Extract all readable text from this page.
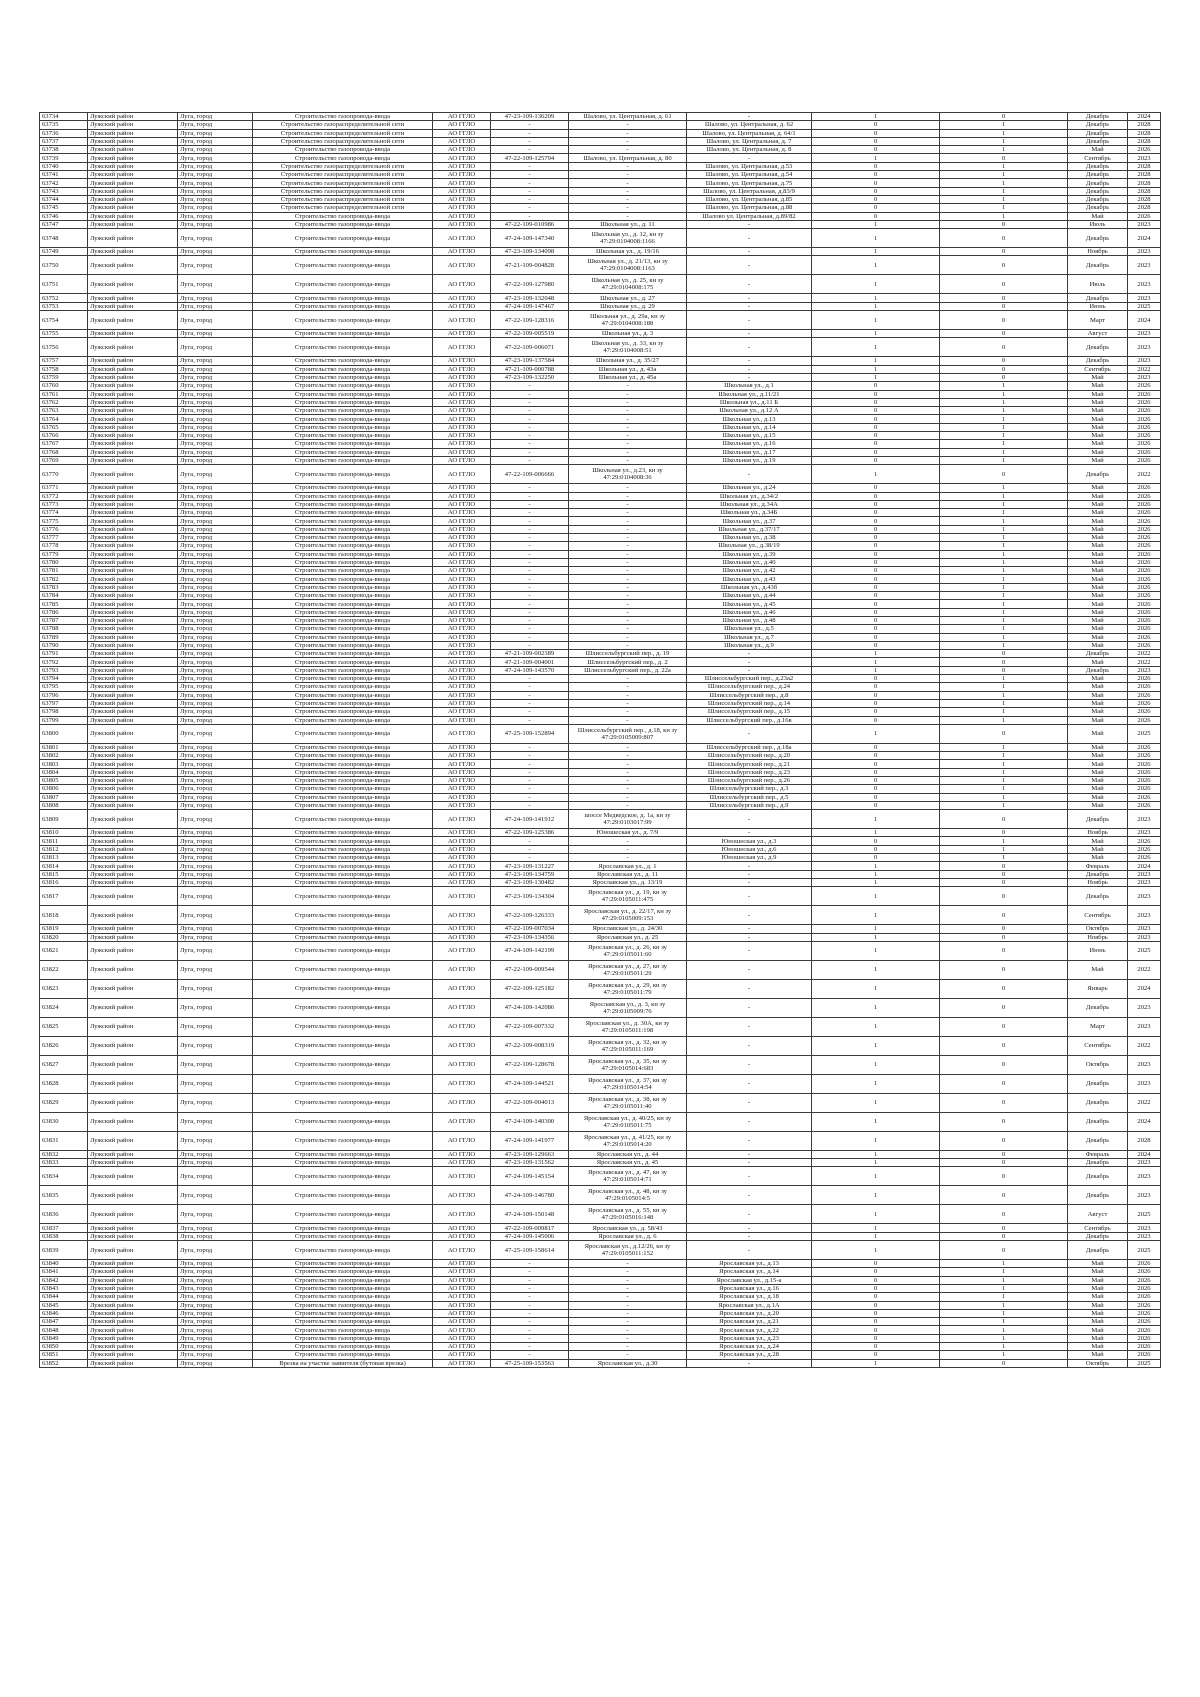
63734	Лужский район	Луга, город	Строительство газопровода-ввода	АО ГГЛО	47-23-109-136209	Шалово, ул. Центральная, д. 61	-	1	0	Декабрь	2024
63735	Лужский район	Луга, город	Строительство газораспределительной сети	АО ГГЛО	-	-	Шалово, ул. Центральная, д. 62	0	1	Декабрь	2028
63736	Лужский район	Луга, город	Строительство газораспределительной сети	АО ГГЛО	-	-	Шалово, ул. Центральная, д. 64/1	0	1	Декабрь	2028
63737	Лужский район	Луга, город	Строительство газораспределительной сети	АО ГГЛО	-	-	Шалово, ул. Центральная, д. 7	0	1	Декабрь	2028
63738	Лужский район	Луга, город	Строительство газопровода-ввода	АО ГГЛО	-	-	Шалово, ул. Центральная, д. 8	0	1	Май	2026
63739	Лужский район	Луга, город	Строительство газопровода-ввода	АО ГГЛО	47-22-109-125794	Шалово, ул. Центральная, д. 80	-	1	0	Сентябрь	2023
63740	Лужский район	Луга, город	Строительство газораспределительной сети	АО ГГЛО	-	-	Шалово, ул. Центральная, д.53	0	1	Декабрь	2028
63741	Лужский район	Луга, город	Строительство газораспределительной сети	АО ГГЛО	-	-	Шалово, ул. Центральная, д.54	0	1	Декабрь	2028
63742	Лужский район	Луга, город	Строительство газораспределительной сети	АО ГГЛО	-	-	Шалово, ул. Центральная, д.75	0	1	Декабрь	2028
63743	Лужский район	Луга, город	Строительство газораспределительной сети	АО ГГЛО	-	-	Шалово, ул. Центральная, д.83/9	0	1	Декабрь	2028
63744	Лужский район	Луга, город	Строительство газораспределительной сети	АО ГГЛО	-	-	Шалово, ул. Центральная, д.85	0	1	Декабрь	2028
63745	Лужский район	Луга, город	Строительство газораспределительной сети	АО ГГЛО	-	-	Шалово, ул. Центральная, д.88	0	1	Декабрь	2028
63746	Лужский район	Луга, город	Строительство газопровода-ввода	АО ГГЛО	-	-	Шалово ул. Центральная, д.89/82	0	1	Май	2026
63747	Лужский район	Луга, город	Строительство газопровода-ввода	АО ГГЛО	47-22-109-010986	Школьная ул., д. 11	-	1	0	Июль	2023
63748	Лужский район	Луга, город	Строительство газопровода-ввода	АО ГГЛО	47-24-109-147340	Школьная ул., д. 12, кн зу 47:29:0104008:1166	-	1	0	Декабрь	2024
63749	Лужский район	Луга, город	Строительство газопровода-ввода	АО ГГЛО	47-23-109-134098	Школьная ул., д. 19/16	-	1	0	Ноябрь	2023
63750	Лужский район	Луга, город	Строительство газопровода-ввода	АО ГГЛО	47-21-109-004828	Школьная ул., д. 21/13, кн зу 47:29:0104008:1163	-	1	0	Декабрь	2023
63751	Лужский район	Луга, город	Строительство газопровода-ввода	АО ГГЛО	47-22-109-127980	Школьная ул., д. 25, кн зу 47:29:0104008:175	-	1	0	Июль	2023
63752	Лужский район	Луга, город	Строительство газопровода-ввода	АО ГГЛО	47-23-109-132048	Школьная ул., д. 27	-	1	0	Декабрь	2023
63753	Лужский район	Луга, город	Строительство газопровода-ввода	АО ГГЛО	47-24-109-147467	Школьная ул., д. 29	-	1	0	Июнь	2025
63754	Лужский район	Луга, город	Строительство газопровода-ввода	АО ГГЛО	47-22-109-128316	Школьная ул., д. 29а, кн зу 47:29:0104008:188	-	1	0	Март	2024
63755	Лужский район	Луга, город	Строительство газопровода-ввода	АО ГГЛО	47-22-109-005519	Школьная ул., д. 3	-	1	0	Август	2023
63756	Лужский район	Луга, город	Строительство газопровода-ввода	АО ГГЛО	47-22-109-006071	Школьная ул., д. 33, кн зу 47:29:0104008:51	-	1	0	Декабрь	2023
63757	Лужский район	Луга, город	Строительство газопровода-ввода	АО ГГЛО	47-23-109-137584	Школьная ул., д. 35/27	-	1	0	Декабрь	2023
63758	Лужский район	Луга, город	Строительство газопровода-ввода	АО ГГЛО	47-21-109-000788	Школьная ул., д. 43а	-	1	0	Сентябрь	2022
63759	Лужский район	Луга, город	Строительство газопровода-ввода	АО ГГЛО	47-23-109-132250	Школьная ул., д. 45а	-	1	0	Май	2023
63760	Лужский район	Луга, город	Строительство газопровода-ввода	АО ГГЛО	-	-	Школьная ул., д.1	0	1	Май	2026
63761	Лужский район	Луга, город	Строительство газопровода-ввода	АО ГГЛО	-	-	Школьная ул., д.11/21	0	1	Май	2026
63762	Лужский район	Луга, город	Строительство газопровода-ввода	АО ГГЛО	-	-	Школьная ул., д.11 Б	0	1	Май	2026
63763	Лужский район	Луга, город	Строительство газопровода-ввода	АО ГГЛО	-	-	Школьная ул., д.12 А	0	1	Май	2026
63764	Лужский район	Луга, город	Строительство газопровода-ввода	АО ГГЛО	-	-	Школьная ул., д.13	0	1	Май	2026
63765	Лужский район	Луга, город	Строительство газопровода-ввода	АО ГГЛО	-	-	Школьная ул., д.14	0	1	Май	2026
63766	Лужский район	Луга, город	Строительство газопровода-ввода	АО ГГЛО	-	-	Школьная ул., д.15	0	1	Май	2026
63767	Лужский район	Луга, город	Строительство газопровода-ввода	АО ГГЛО	-	-	Школьная ул., д.16	0	1	Май	2026
63768	Лужский район	Луга, город	Строительство газопровода-ввода	АО ГГЛО	-	-	Школьная ул., д.17	0	1	Май	2026
63769	Лужский район	Луга, город	Строительство газопровода-ввода	АО ГГЛО	-	-	Школьная ул., д.19	0	1	Май	2026
63770	Лужский район	Луга, город	Строительство газопровода-ввода	АО ГГЛО	47-22-109-006666	Школьная ул., д.23, кн зу 47:29:0104008:36	-	1	0	Декабрь	2022
63771	Лужский район	Луга, город	Строительство газопровода-ввода	АО ГГЛО	-	-	Школьная ул., д.24	0	1	Май	2026
63772	Лужский район	Луга, город	Строительство газопровода-ввода	АО ГГЛО	-	-	Школьная ул., д.34/2	0	1	Май	2026
63773	Лужский район	Луга, город	Строительство газопровода-ввода	АО ГГЛО	-	-	Школьная ул., д.34А	0	1	Май	2026
63774	Лужский район	Луга, город	Строительство газопровода-ввода	АО ГГЛО	-	-	Школьная ул., д.34Б	0	1	Май	2026
63775	Лужский район	Луга, город	Строительство газопровода-ввода	АО ГГЛО	-	-	Школьная ул., д.37	0	1	Май	2026
63776	Лужский район	Луга, город	Строительство газопровода-ввода	АО ГГЛО	-	-	Школьная ул., д.37/17	0	1	Май	2026
63777	Лужский район	Луга, город	Строительство газопровода-ввода	АО ГГЛО	-	-	Школьная ул., д.38	0	1	Май	2026
63778	Лужский район	Луга, город	Строительство газопровода-ввода	АО ГГЛО	-	-	Школьная ул., д.38/19	0	1	Май	2026
63779	Лужский район	Луга, город	Строительство газопровода-ввода	АО ГГЛО	-	-	Школьная ул., д.39	0	1	Май	2026
63780	Лужский район	Луга, город	Строительство газопровода-ввода	АО ГГЛО	-	-	Школьная ул., д.40	0	1	Май	2026
63781	Лужский район	Луга, город	Строительство газопровода-ввода	АО ГГЛО	-	-	Школьная ул., д.42	0	1	Май	2026
63782	Лужский район	Луга, город	Строительство газопровода-ввода	АО ГГЛО	-	-	Школьная ул., д.43	0	1	Май	2026
63783	Лужский район	Луга, город	Строительство газопровода-ввода	АО ГГЛО	-	-	Школьная ул., д.43б	0	1	Май	2026
63784	Лужский район	Луга, город	Строительство газопровода-ввода	АО ГГЛО	-	-	Школьная ул., д.44	0	1	Май	2026
63785	Лужский район	Луга, город	Строительство газопровода-ввода	АО ГГЛО	-	-	Школьная ул., д.45	0	1	Май	2026
63786	Лужский район	Луга, город	Строительство газопровода-ввода	АО ГГЛО	-	-	Школьная ул., д.46	0	1	Май	2026
63787	Лужский район	Луга, город	Строительство газопровода-ввода	АО ГГЛО	-	-	Школьная ул., д.48	0	1	Май	2026
63788	Лужский район	Луга, город	Строительство газопровода-ввода	АО ГГЛО	-	-	Школьная ул., д.5	0	1	Май	2026
63789	Лужский район	Луга, город	Строительство газопровода-ввода	АО ГГЛО	-	-	Школьная ул., д.7	0	1	Май	2026
63790	Лужский район	Луга, город	Строительство газопровода-ввода	АО ГГЛО	-	-	Школьная ул., д.9	0	1	Май	2026
63791	Лужский район	Луга, город	Строительство газопровода-ввода	АО ГГЛО	47-21-109-002389	Шлиссельбургский пер., д. 19	-	1	0	Декабрь	2022
63792	Лужский район	Луга, город	Строительство газопровода-ввода	АО ГГЛО	47-21-109-004001	Шлиссельбургский пер., д. 2	-	1	0	Май	2022
63793	Лужский район	Луга, город	Строительство газопровода-ввода	АО ГГЛО	47-24-109-143570	Шлиссельбургский пер., д. 22а	-	1	0	Декабрь	2023
63794	Лужский район	Луга, город	Строительство газопровода-ввода	АО ГГЛО	-	-	Шлиссельбургский пер., д.23а2	0	1	Май	2026
63795	Лужский район	Луга, город	Строительство газопровода-ввода	АО ГГЛО	-	-	Шлиссельбургский пер., д.24	0	1	Май	2026
63796	Лужский район	Луга, город	Строительство газопровода-ввода	АО ГГЛО	-	-	Шлиссельбургский пер., д.8	0	1	Май	2026
63797	Лужский район	Луга, город	Строительство газопровода-ввода	АО ГГЛО	-	-	Шлиссельбургский пер., д.14	0	1	Май	2026
63798	Лужский район	Луга, город	Строительство газопровода-ввода	АО ГГЛО	-	-	Шлиссельбургский пер., д.15	0	1	Май	2026
63799	Лужский район	Луга, город	Строительство газопровода-ввода	АО ГГЛО	-	-	Шлиссельбургский пер., д.16в	0	1	Май	2026
63800	Лужский район	Луга, город	Строительство газопровода-ввода	АО ГГЛО	47-25-109-152894	Шлиссельбургский пер., д.18, кн зу 47:29:0105009:807	-	1	0	Май	2025
63801	Лужский район	Луга, город	Строительство газопровода-ввода	АО ГГЛО	-	-	Шлиссельбургский пер., д.18а	0	1	Май	2026
63802	Лужский район	Луга, город	Строительство газопровода-ввода	АО ГГЛО	-	-	Шлиссельбургский пер., д.20	0	1	Май	2026
63803	Лужский район	Луга, город	Строительство газопровода-ввода	АО ГГЛО	-	-	Шлиссельбургский пер., д.21	0	1	Май	2026
63804	Лужский район	Луга, город	Строительство газопровода-ввода	АО ГГЛО	-	-	Шлиссельбургский пер., д.23	0	1	Май	2026
63805	Лужский район	Луга, город	Строительство газопровода-ввода	АО ГГЛО	-	-	Шлиссельбургский пер., д.26	0	1	Май	2026
63806	Лужский район	Луга, город	Строительство газопровода-ввода	АО ГГЛО	-	-	Шлиссельбургский пер., д.3	0	1	Май	2026
63807	Лужский район	Луга, город	Строительство газопровода-ввода	АО ГГЛО	-	-	Шлиссельбургский пер., д.5	0	1	Май	2026
63808	Лужский район	Луга, город	Строительство газопровода-ввода	АО ГГЛО	-	-	Шлиссельбургский пер., д.9	0	1	Май	2026
63809	Лужский район	Луга, город	Строительство газопровода-ввода	АО ГГЛО	47-24-109-141912	шоссе Медведское, д. 1а, кн зу 47:29:0103017:99	-	1	0	Декабрь	2023
63810	Лужский район	Луга, город	Строительство газопровода-ввода	АО ГГЛО	47-22-109-125386	Юношеская ул., д. 7/9	-	1	0	Ноябрь	2023
63811	Лужский район	Луга, город	Строительство газопровода-ввода	АО ГГЛО	-	-	Юношеская ул., д.3	0	1	Май	2026
63812	Лужский район	Луга, город	Строительство газопровода-ввода	АО ГГЛО	-	-	Юношеская ул., д.6	0	1	Май	2026
63813	Лужский район	Луга, город	Строительство газопровода-ввода	АО ГГЛО	-	-	Юношеская ул., д.9	0	1	Май	2026
63814	Лужский район	Луга, город	Строительство газопровода-ввода	АО ГГЛО	47-23-109-131227	Ярославская ул., д. 1	-	1	0	Февраль	2024
63815	Лужский район	Луга, город	Строительство газопровода-ввода	АО ГГЛО	47-23-109-134759	Ярославская ул., д. 11	-	1	0	Декабрь	2023
63816	Лужский район	Луга, город	Строительство газопровода-ввода	АО ГГЛО	47-23-109-130482	Ярославская ул., д. 13/19	-	1	0	Ноябрь	2023
63817	Лужский район	Луга, город	Строительство газопровода-ввода	АО ГГЛО	47-23-109-134304	Ярославская ул., д. 19, кн зу 47:29:0105011:475	-	1	0	Декабрь	2023
63818	Лужский район	Луга, город	Строительство газопровода-ввода	АО ГГЛО	47-22-109-126333	Ярославская ул., д. 22/17, кн зу 47:29:0105009:153	-	1	0	Сентябрь	2023
63819	Лужский район	Луга, город	Строительство газопровода-ввода	АО ГГЛО	47-22-109-007034	Ярославская ул., д. 24/30	-	1	0	Октябрь	2023
63820	Лужский район	Луга, город	Строительство газопровода-ввода	АО ГГЛО	47-23-109-134356	Ярославская ул., д. 25	-	1	0	Ноябрь	2023
63821	Лужский район	Луга, город	Строительство газопровода-ввода	АО ГГЛО	47-24-109-142199	Ярославская ул., д. 26, кн зу 47:29:0105011:60	-	1	0	Июнь	2025
63822	Лужский район	Луга, город	Строительство газопровода-ввода	АО ГГЛО	47-22-109-009544	Ярославская ул., д. 27, кн зу 47:29:0105011:29	-	1	0	Май	2022
63823	Лужский район	Луга, город	Строительство газопровода-ввода	АО ГГЛО	47-22-109-125182	Ярославская ул., д. 29, кн зу 47:29:0105011:79	-	1	0	Январь	2024
63824	Лужский район	Луга, город	Строительство газопровода-ввода	АО ГГЛО	47-24-109-142086	Ярославская ул., д. 3, кн зу 47:29:0105009:76	-	1	0	Декабрь	2023
63825	Лужский район	Луга, город	Строительство газопровода-ввода	АО ГГЛО	47-22-109-007332	Ярославская ул., д. 30А, кн зу 47:29:0105011:198	-	1	0	Март	2023
63826	Лужский район	Луга, город	Строительство газопровода-ввода	АО ГГЛО	47-22-109-008319	Ярославская ул., д. 32, кн зу 47:29:0105011:169	-	1	0	Сентябрь	2022
63827	Лужский район	Луга, город	Строительство газопровода-ввода	АО ГГЛО	47-22-109-128678	Ярославская ул., д. 35, кн зу 47:29:0105014:683	-	1	0	Октябрь	2023
63828	Лужский район	Луга, город	Строительство газопровода-ввода	АО ГГЛО	47-24-109-144521	Ярославская ул., д. 37, кн зу 47:29:0105014:54	-	1	0	Декабрь	2023
63829	Лужский район	Луга, город	Строительство газопровода-ввода	АО ГГЛО	47-22-109-004013	Ярославская ул., д. 38, кн зу 47:29:0105011:40	-	1	0	Декабрь	2022
63830	Лужский район	Луга, город	Строительство газопровода-ввода	АО ГГЛО	47-24-109-140300	Ярославская ул., д. 40/25, кн зу 47:29:0105011:75	-	1	0	Декабрь	2024
63831	Лужский район	Луга, город	Строительство газопровода-ввода	АО ГГЛО	47-24-109-141977	Ярославская ул., д. 41/25, кн зу 47:29:0105014:20	-	1	0	Декабрь	2028
63832	Лужский район	Луга, город	Строительство газопровода-ввода	АО ГГЛО	47-23-109-129663	Ярославская ул., д. 44	-	1	0	Февраль	2024
63833	Лужский район	Луга, город	Строительство газопровода-ввода	АО ГГЛО	47-23-109-131562	Ярославская ул., д. 45	-	1	0	Декабрь	2023
63834	Лужский район	Луга, город	Строительство газопровода-ввода	АО ГГЛО	47-24-109-145154	Ярославская ул., д. 47, кн зу 47:29:0105014:71	-	1	0	Декабрь	2023
63835	Лужский район	Луга, город	Строительство газопровода-ввода	АО ГГЛО	47-24-109-146780	Ярославская ул., д. 48, кн зу 47:29:0105014:5	-	1	0	Декабрь	2023
63836	Лужский район	Луга, город	Строительство газопровода-ввода	АО ГГЛО	47-24-109-150148	Ярославская ул., д. 55, кн зу 47:29:0105016:148	-	1	0	Август	2025
63837	Лужский район	Луга, город	Строительство газопровода-ввода	АО ГГЛО	47-22-109-009817	Ярославская ул., д. 58/43	-	1	0	Сентябрь	2023
63838	Лужский район	Луга, город	Строительство газопровода-ввода	АО ГГЛО	47-24-109-145006	Ярославская ул., д. 6	-	1	0	Декабрь	2023
63839	Лужский район	Луга, город	Строительство газопровода-ввода	АО ГГЛО	47-25-109-158614	Ярославская ул., д.12/26, кн зу 47:29:0105011:152	-	1	0	Декабрь	2025
63840	Лужский район	Луга, город	Строительство газопровода-ввода	АО ГГЛО	-	-	Ярославская ул., д.13	0	1	Май	2026
63841	Лужский район	Луга, город	Строительство газопровода-ввода	АО ГГЛО	-	-	Ярославская ул., д.14	0	1	Май	2026
63842	Лужский район	Луга, город	Строительство газопровода-ввода	АО ГГЛО	-	-	Ярославская ул., д.15-а	0	1	Май	2026
63843	Лужский район	Луга, город	Строительство газопровода-ввода	АО ГГЛО	-	-	Ярославская ул., д.16	0	1	Май	2026
63844	Лужский район	Луга, город	Строительство газопровода-ввода	АО ГГЛО	-	-	Ярославская ул., д.18	0	1	Май	2026
63845	Лужский район	Луга, город	Строительство газопровода-ввода	АО ГГЛО	-	-	Ярославская ул., д.1А	0	1	Май	2026
63846	Лужский район	Луга, город	Строительство газопровода-ввода	АО ГГЛО	-	-	Ярославская ул., д.20	0	1	Май	2026
63847	Лужский район	Луга, город	Строительство газопровода-ввода	АО ГГЛО	-	-	Ярославская ул., д.21	0	1	Май	2026
63848	Лужский район	Луга, город	Строительство газопровода-ввода	АО ГГЛО	-	-	Ярославская ул., д.22	0	1	Май	2026
63849	Лужский район	Луга, город	Строительство газопровода-ввода	АО ГГЛО	-	-	Ярославская ул., д.23	0	1	Май	2026
63850	Лужский район	Луга, город	Строительство газопровода-ввода	АО ГГЛО	-	-	Ярославская ул., д.24	0	1	Май	2026
63851	Лужский район	Луга, город	Строительство газопровода-ввода	АО ГГЛО	-	-	Ярославская ул., д.28	0	1	Май	2026
63852	Лужский район	Луга, город	Врезка на участке заявителя (бутовая врезка)	АО ГГЛО	47-25-109-153563	Ярославская ул., д.30	-	1	0	Октябрь	2025
